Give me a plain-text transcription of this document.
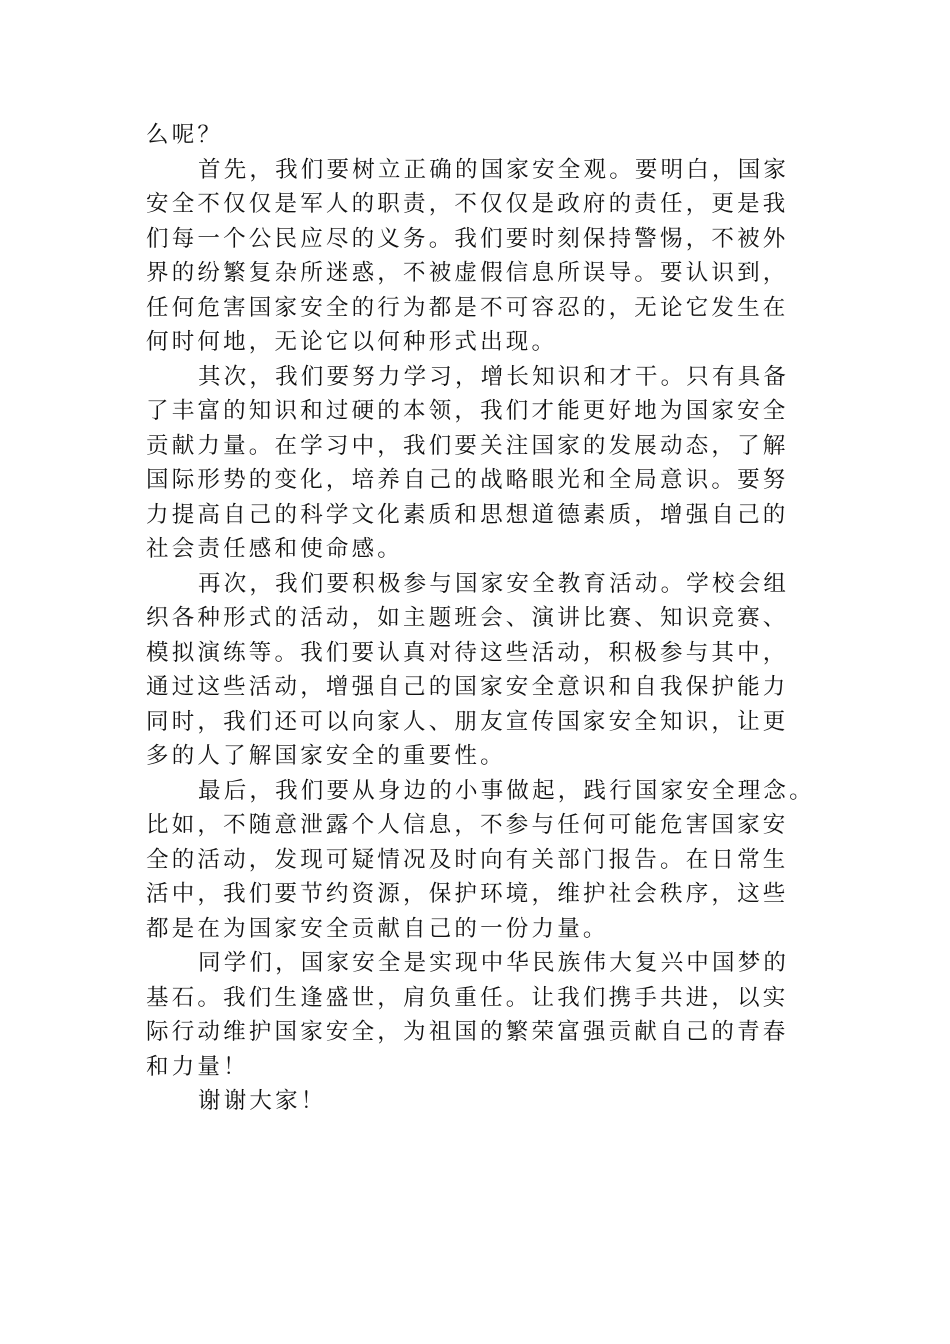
么呢？
首先，我们要树立正确的国家安全观。要明白，国家
安全不仅仅是军人的职责，不仅仅是政府的责任，更是我
们每一个公民应尽的义务。我们要时刻保持警惕，不被外
界的纷繁复杂所迷惑，不被虚假信息所误导。要认识到，
任何危害国家安全的行为都是不可容忍的，无论它发生在
何时何地，无论它以何种形式出现。
其次，我们要努力学习，增长知识和才干。只有具备
了丰富的知识和过硬的本领，我们才能更好地为国家安全
贡献力量。在学习中，我们要关注国家的发展动态，了解
国际形势的变化，培养自己的战略眼光和全局意识。要努
力提高自己的科学文化素质和思想道德素质，增强自己的
社会责任感和使命感。
再次，我们要积极参与国家安全教育活动。学校会组
织各种形式的活动，如主题班会、演讲比赛、知识竞赛、
模拟演练等。我们要认真对待这些活动，积极参与其中，
通过这些活动，增强自己的国家安全意识和自我保护能力
同时，我们还可以向家人、朋友宣传国家安全知识，让更
多的人了解国家安全的重要性。
最后，我们要从身边的小事做起，践行国家安全理念。
比如，不随意泄露个人信息，不参与任何可能危害国家安
全的活动，发现可疑情况及时向有关部门报告。在日常生
活中，我们要节约资源，保护环境，维护社会秩序，这些
都是在为国家安全贡献自己的一份力量。
同学们，国家安全是实现中华民族伟大复兴中国梦的
基石。我们生逢盛世，肩负重任。让我们携手共进，以实
际行动维护国家安全，为祖国的繁荣富强贡献自己的青春
和力量！
谢谢大家！
